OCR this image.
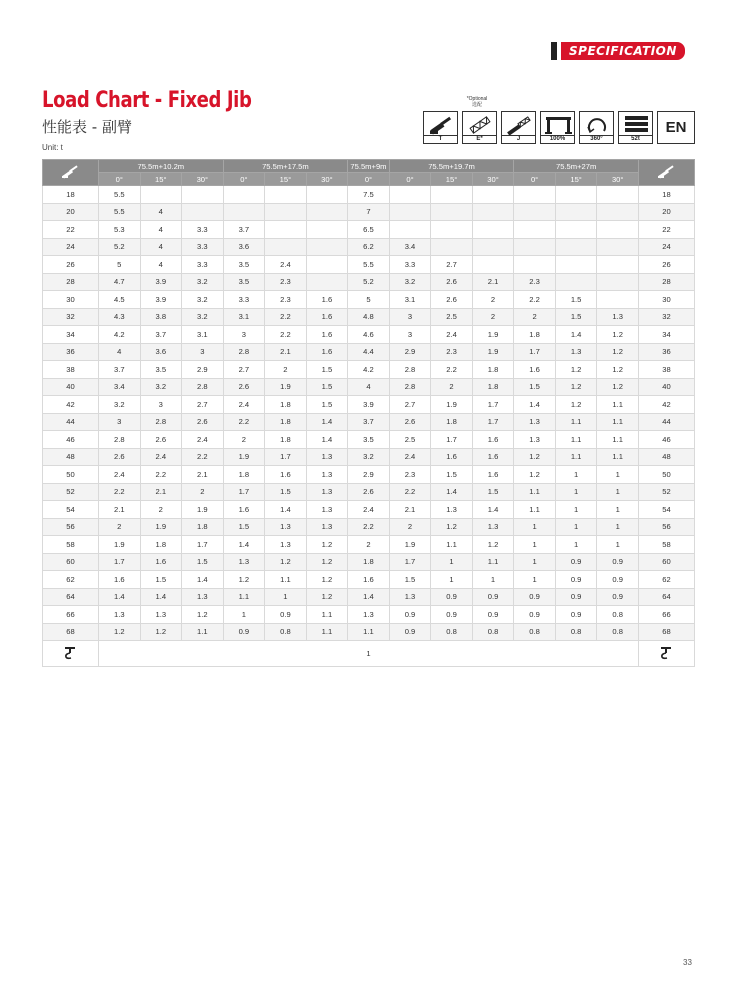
SPECIFICATION
Load Chart - Fixed Jib
性能表 - 副臂
Unit: t
*Optional
选配
T	E*	J	100%	360°	52t
EN
	75.5m+10.2m			75.5m+17.5m			75.5m+9m	75.5m+19.7m			75.5m+27m	
	0°	15°	30°	0°	15°	30°	0°	0°	15°	30°	0°	15°	30°	
18	5.5						7.5							18
20	5.5	4					7							20
22	5.3	4	3.3	3.7			6.5							22
24	5.2	4	3.3	3.6			6.2	3.4						24
26	5	4	3.3	3.5	2.4		5.5	3.3	2.7					26
28	4.7	3.9	3.2	3.5	2.3		5.2	3.2	2.6	2.1	2.3			28
30	4.5	3.9	3.2	3.3	2.3	1.6	5	3.1	2.6	2	2.2	1.5		30
32	4.3	3.8	3.2	3.1	2.2	1.6	4.8	3	2.5	2	2	1.5	1.3	32
34	4.2	3.7	3.1	3	2.2	1.6	4.6	3	2.4	1.9	1.8	1.4	1.2	34
36	4	3.6	3	2.8	2.1	1.6	4.4	2.9	2.3	1.9	1.7	1.3	1.2	36
38	3.7	3.5	2.9	2.7	2	1.5	4.2	2.8	2.2	1.8	1.6	1.2	1.2	38
40	3.4	3.2	2.8	2.6	1.9	1.5	4	2.8	2	1.8	1.5	1.2	1.2	40
42	3.2	3	2.7	2.4	1.8	1.5	3.9	2.7	1.9	1.7	1.4	1.2	1.1	42
44	3	2.8	2.6	2.2	1.8	1.4	3.7	2.6	1.8	1.7	1.3	1.1	1.1	44
46	2.8	2.6	2.4	2	1.8	1.4	3.5	2.5	1.7	1.6	1.3	1.1	1.1	46
48	2.6	2.4	2.2	1.9	1.7	1.3	3.2	2.4	1.6	1.6	1.2	1.1	1.1	48
50	2.4	2.2	2.1	1.8	1.6	1.3	2.9	2.3	1.5	1.6	1.2	1	1	50
52	2.2	2.1	2	1.7	1.5	1.3	2.6	2.2	1.4	1.5	1.1	1	1	52
54	2.1	2	1.9	1.6	1.4	1.3	2.4	2.1	1.3	1.4	1.1	1	1	54
56	2	1.9	1.8	1.5	1.3	1.3	2.2	2	1.2	1.3	1	1	1	56
58	1.9	1.8	1.7	1.4	1.3	1.2	2	1.9	1.1	1.2	1	1	1	58
60	1.7	1.6	1.5	1.3	1.2	1.2	1.8	1.7	1	1.1	1	0.9	0.9	60
62	1.6	1.5	1.4	1.2	1.1	1.2	1.6	1.5	1	1	1	0.9	0.9	62
64	1.4	1.4	1.3	1.1	1	1.2	1.4	1.3	0.9	0.9	0.9	0.9	0.9	64
66	1.3	1.3	1.2	1	0.9	1.1	1.3	0.9	0.9	0.9	0.9	0.9	0.8	66
68	1.2	1.2	1.1	0.9	0.8	1.1	1.1	0.9	0.8	0.8	0.8	0.8	0.8	68
	1	
33
